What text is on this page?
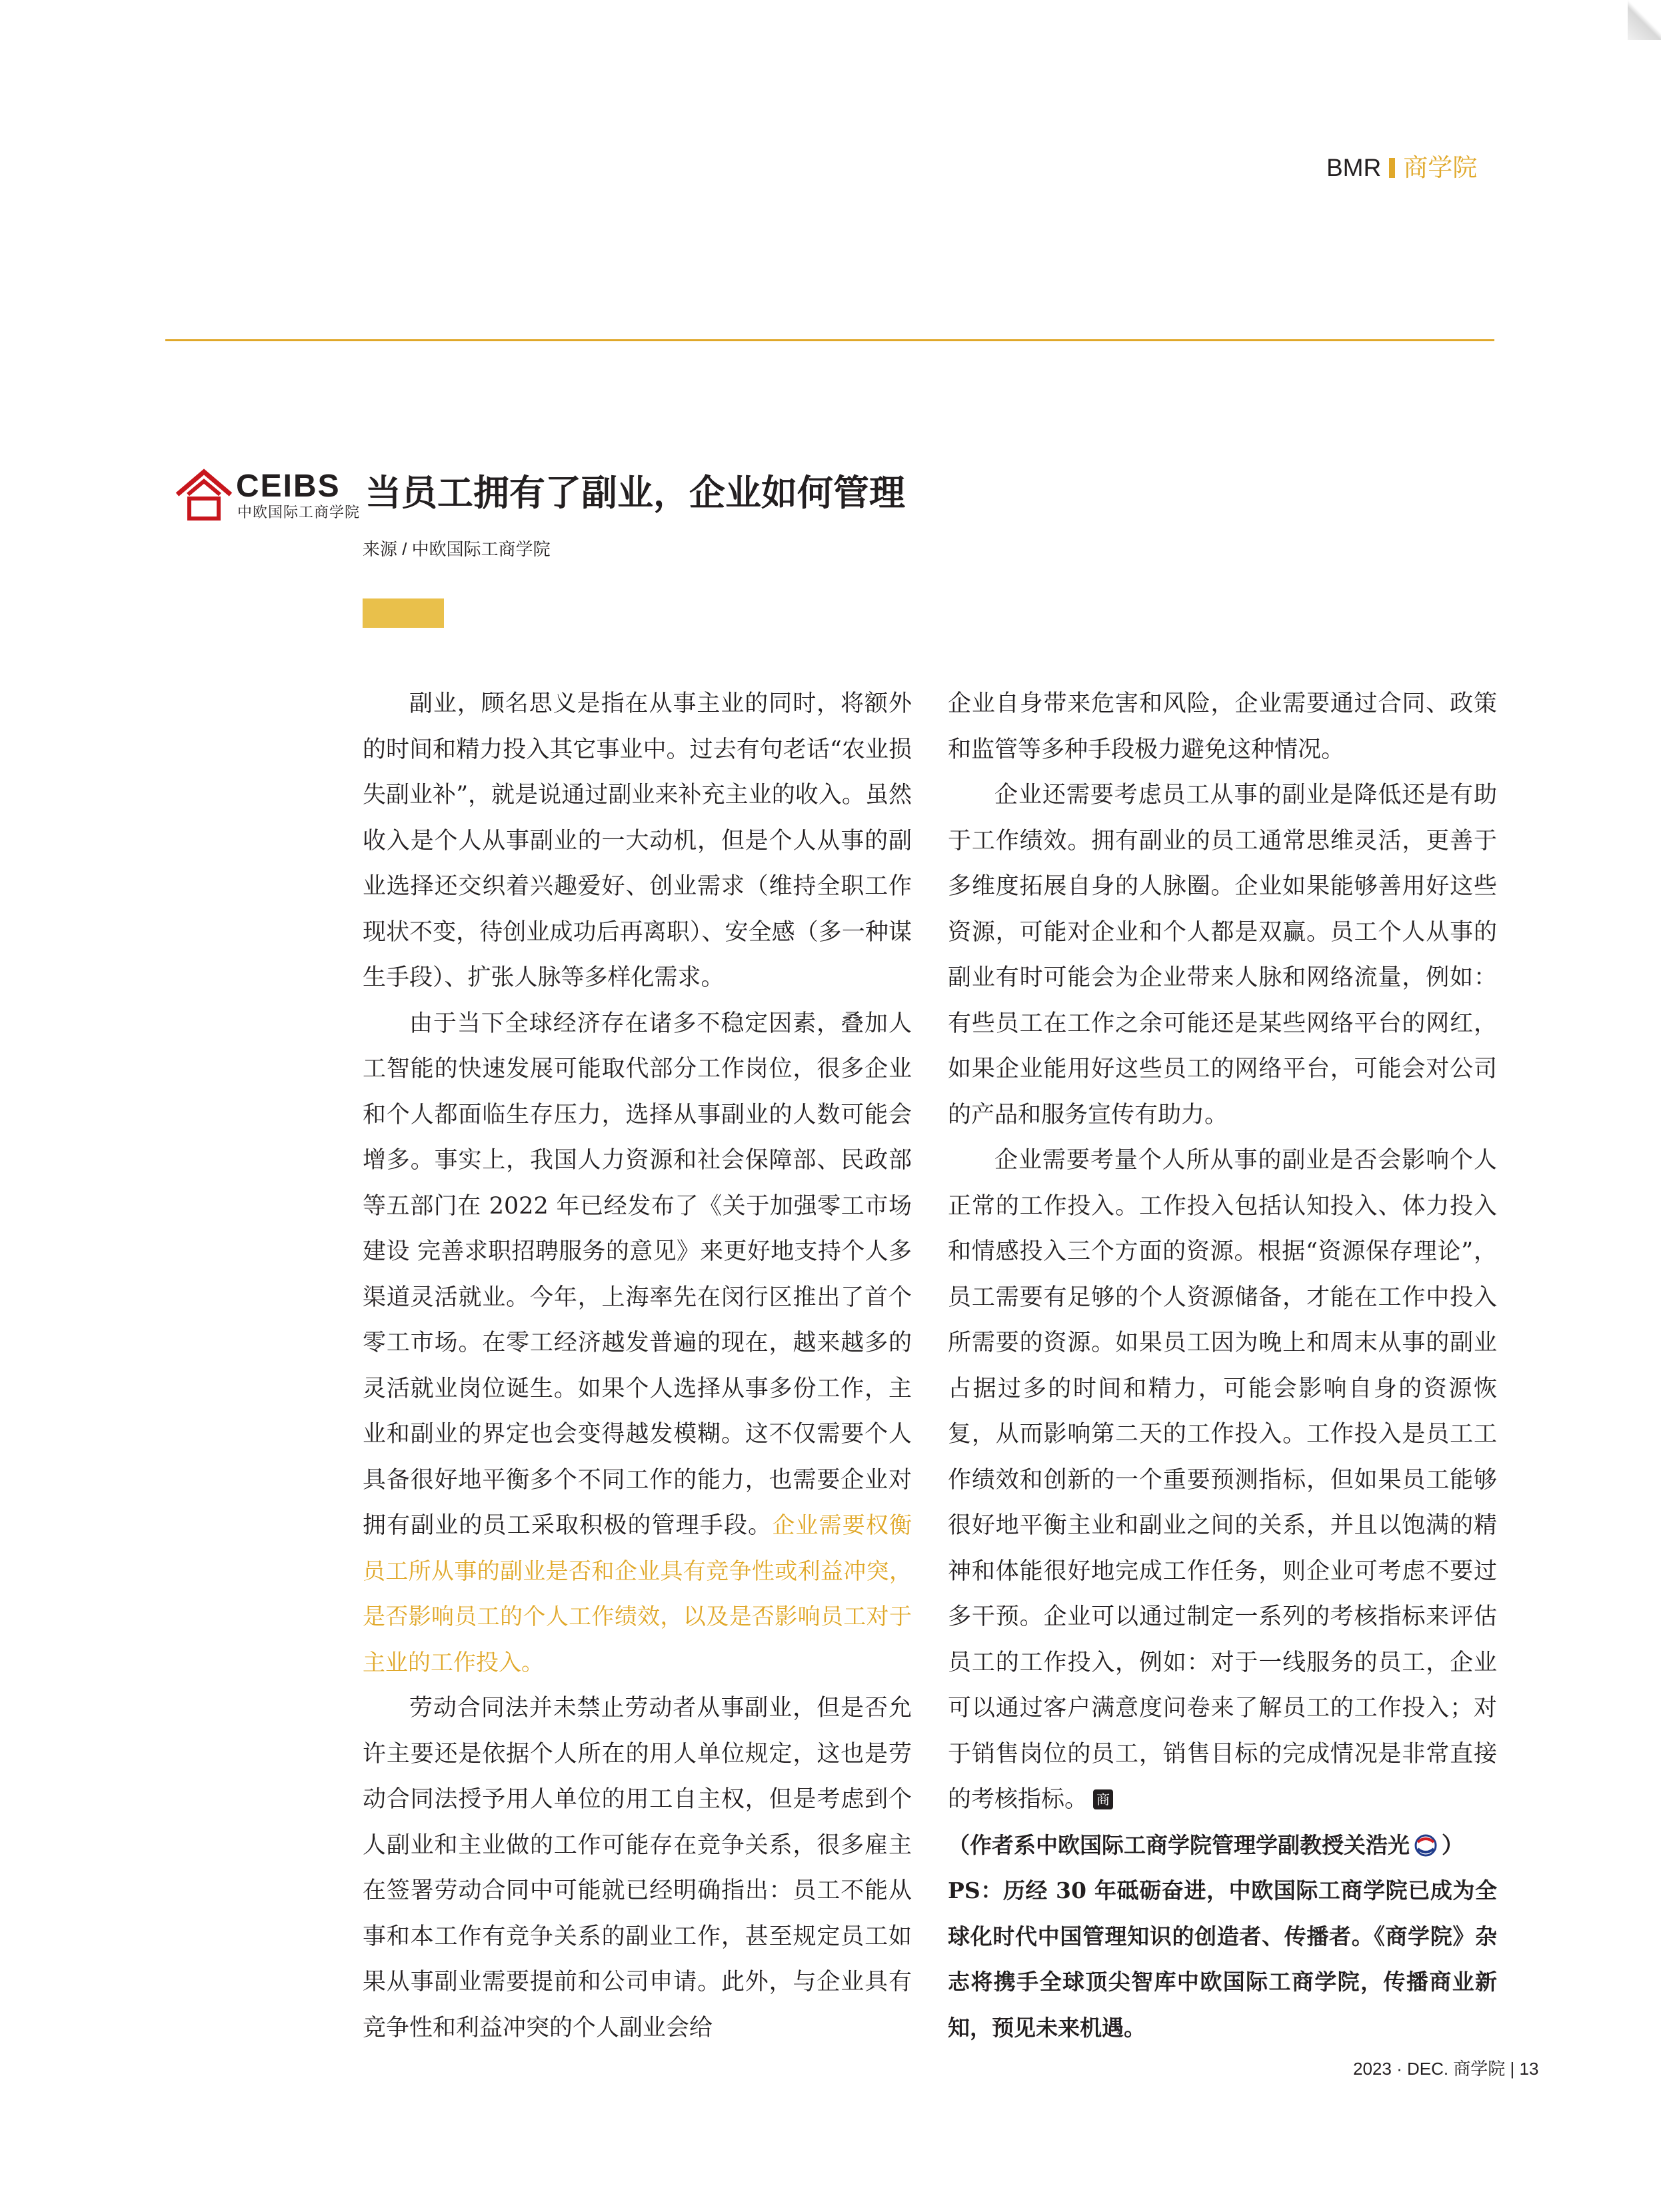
BMR 商学院
CEIBS
中欧国际工商学院 当员工拥有了副业，企业如何管理
来源 / 中欧国际工商学院

副业，顾名思义是指在从事主业的同时，将额外的时间和精力投入其它事业中。过去有句老话“农业损失副业补”，就是说通过副业来补充主业的收入。虽然收入是个人从事副业的一大动机，但是个人从事的副业选择还交织着兴趣爱好、创业需求（维持全职工作现状不变，待创业成功后再离职）、安全感（多一种谋生手段）、扩张人脉等多样化需求。

由于当下全球经济存在诸多不稳定因素，叠加人工智能的快速发展可能取代部分工作岗位，很多企业和个人都面临生存压力，选择从事副业的人数可能会增多。事实上，我国人力资源和社会保障部、民政部等五部门在 2022 年已经发布了《关于加强零工市场建设 完善求职招聘服务的意见》来更好地支持个人多渠道灵活就业。今年，上海率先在闵行区推出了首个零工市场。在零工经济越发普遍的现在，越来越多的灵活就业岗位诞生。如果个人选择从事多份工作，主业和副业的界定也会变得越发模糊。这不仅需要个人具备很好地平衡多个不同工作的能力，也需要企业对拥有副业的员工采取积极的管理手段。企业需要权衡员工所从事的副业是否和企业具有竞争性或利益冲突，是否影响员工的个人工作绩效，以及是否影响员工对于主业的工作投入。

劳动合同法并未禁止劳动者从事副业，但是否允许主要还是依据个人所在的用人单位规定，这也是劳动合同法授予用人单位的用工自主权，但是考虑到个人副业和主业做的工作可能存在竞争关系，很多雇主在签署劳动合同中可能就已经明确指出：员工不能从事和本工作有竞争关系的副业工作，甚至规定员工如果从事副业需要提前和公司申请。此外，与企业具有竞争性和利益冲突的个人副业会给

企业自身带来危害和风险，企业需要通过合同、政策和监管等多种手段极力避免这种情况。

企业还需要考虑员工从事的副业是降低还是有助于工作绩效。拥有副业的员工通常思维灵活，更善于多维度拓展自身的人脉圈。企业如果能够善用好这些资源，可能对企业和个人都是双赢。员工个人从事的副业有时可能会为企业带来人脉和网络流量，例如：有些员工在工作之余可能还是某些网络平台的网红，如果企业能用好这些员工的网络平台，可能会对公司的产品和服务宣传有助力。

企业需要考量个人所从事的副业是否会影响个人正常的工作投入。工作投入包括认知投入、体力投入和情感投入三个方面的资源。根据“资源保存理论”，员工需要有足够的个人资源储备，才能在工作中投入所需要的资源。如果员工因为晚上和周末从事的副业占据过多的时间和精力，可能会影响自身的资源恢复，从而影响第二天的工作投入。工作投入是员工工作绩效和创新的一个重要预测指标，但如果员工能够很好地平衡主业和副业之间的关系，并且以饱满的精神和体能很好地完成工作任务，则企业可考虑不要过多干预。企业可以通过制定一系列的考核指标来评估员工的工作投入，例如：对于一线服务的员工，企业可以通过客户满意度问卷来了解员工的工作投入；对于销售岗位的员工，销售目标的完成情况是非常直接的考核指标。 商

（作者系中欧国际工商学院管理学副教授关浩光 ）

PS：历经 30 年砥砺奋进，中欧国际工商学院已成为全球化时代中国管理知识的创造者、传播者。《商学院》杂志将携手全球顶尖智库中欧国际工商学院，传播商业新知，预见未来机遇。

2023 · DEC. 商学院 | 13
